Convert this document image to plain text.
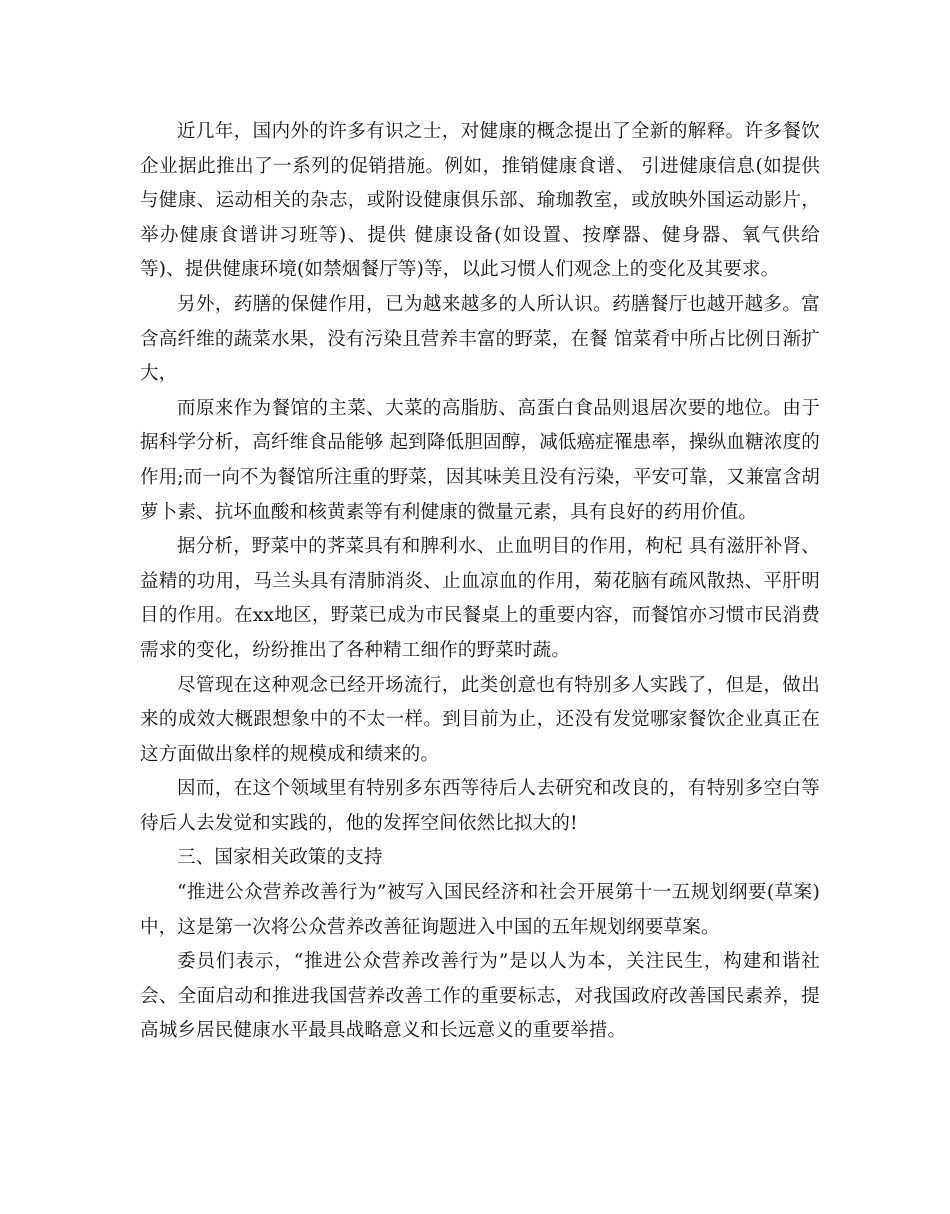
近几年，国内外的许多有识之士，对健康的概念提出了全新的解释。许多餐饮企业据此推出了一系列的促销措施。例如，推销健康食谱、 引进健康信息(如提供与健康、运动相关的杂志，或附设健康俱乐部、瑜珈教室，或放映外国运动影片，举办健康食谱讲习班等)、提供 健康设备(如设置、按摩器、健身器、氧气供给等)、提供健康环境(如禁烟餐厅等)等，以此习惯人们观念上的变化及其要求。

另外，药膳的保健作用，已为越来越多的人所认识。药膳餐厅也越开越多。富含高纤维的蔬菜水果，没有污染且营养丰富的野菜，在餐 馆菜肴中所占比例日渐扩大，

而原来作为餐馆的主菜、大菜的高脂肪、高蛋白食品则退居次要的地位。由于据科学分析，高纤维食品能够 起到降低胆固醇，减低癌症罹患率，操纵血糖浓度的作用;而一向不为餐馆所注重的野菜，因其味美且没有污染，平安可靠，又兼富含胡萝卜素、抗坏血酸和核黄素等有利健康的微量元素，具有良好的药用价值。

据分析，野菜中的荠菜具有和脾利水、止血明目的作用，枸杞 具有滋肝补肾、益精的功用，马兰头具有清肺消炎、止血凉血的作用，菊花脑有疏风散热、平肝明目的作用。在xx地区，野菜已成为市民餐桌上的重要内容，而餐馆亦习惯市民消费需求的变化，纷纷推出了各种精工细作的野菜时蔬。

尽管现在这种观念已经开场流行，此类创意也有特别多人实践了，但是，做出来的成效大概跟想象中的不太一样。到目前为止，还没有发觉哪家餐饮企业真正在这方面做出象样的规模成和绩来的。

因而，在这个领域里有特别多东西等待后人去研究和改良的，有特别多空白等待后人去发觉和实践的，他的发挥空间依然比拟大的!

三、国家相关政策的支持

“推进公众营养改善行为”被写入国民经济和社会开展第十一五规划纲要(草案)中，这是第一次将公众营养改善征询题进入中国的五年规划纲要草案。

委员们表示，“推进公众营养改善行为”是以人为本，关注民生，构建和谐社会、全面启动和推进我国营养改善工作的重要标志，对我国政府改善国民素养，提高城乡居民健康水平最具战略意义和长远意义的重要举措。
